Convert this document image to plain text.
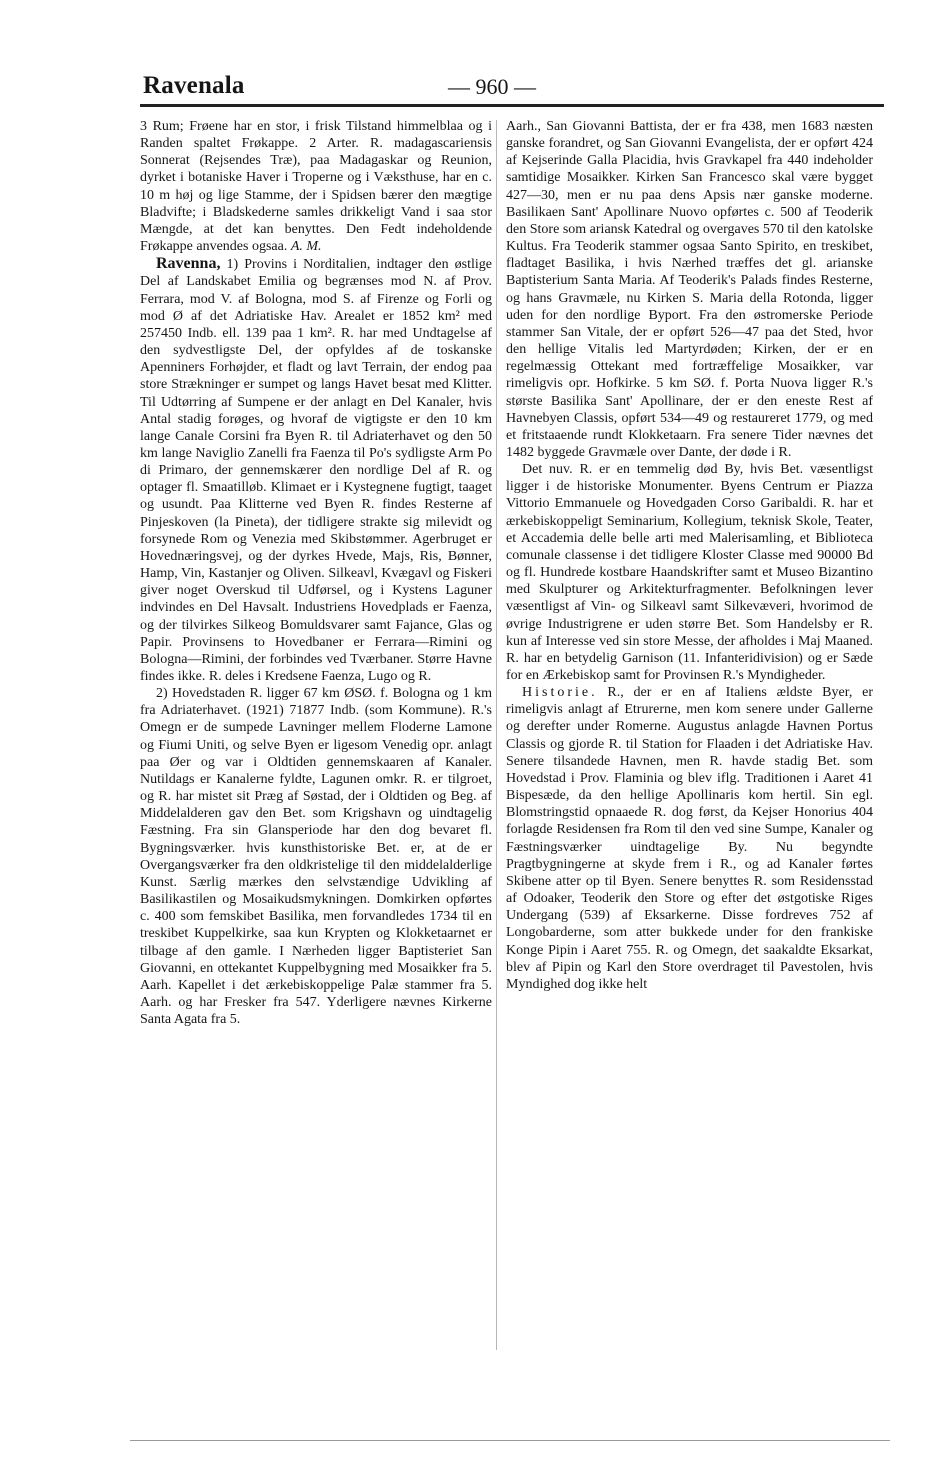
Ravenala	— 960 —

3 Rum; Frøene har en stor, i frisk Tilstand himmelblaa og i Randen spaltet Frøkappe. 2 Arter. R. madagascariensis Sonnerat (Rejsendes Træ), paa Madagaskar og Reunion, dyrket i botaniske Haver i Troperne og i Væksthuse, har en c. 10 m høj og lige Stamme, der i Spidsen bærer den mægtige Bladvifte; i Bladskederne samles drikkeligt Vand i saa stor Mængde, at det kan benyttes. Den Fedt indeholdende Frøkappe anvendes ogsaa. A. M.

Ravenna, 1) Provins i Norditalien, indtager den østlige Del af Landskabet Emilia og begrænses mod N. af Prov. Ferrara, mod V. af Bologna, mod S. af Firenze og Forli og mod Ø af det Adriatiske Hav. Arealet er 1852 km² med 257450 Indb. ell. 139 paa 1 km². R. har med Undtagelse af den sydvestligste Del, der opfyldes af de toskanske Apenniners Forhøjder, et fladt og lavt Terrain, der endog paa store Strækninger er sumpet og langs Havet besat med Klitter. Til Udtørring af Sumpene er der anlagt en Del Kanaler, hvis Antal stadig forøges, og hvoraf de vigtigste er den 10 km lange Canale Corsini fra Byen R. til Adriaterhavet og den 50 km lange Naviglio Zanelli fra Faenza til Po's sydligste Arm Po di Primaro, der gennemskærer den nordlige Del af R. og optager fl. Smaatilløb. Klimaet er i Kystegnene fugtigt, taaget og usundt. Paa Klitterne ved Byen R. findes Resterne af Pinjeskoven (la Pineta), der tidligere strakte sig milevidt og forsynede Rom og Venezia med Skibstømmer. Agerbruget er Hovednæringsvej, og der dyrkes Hvede, Majs, Ris, Bønner, Hamp, Vin, Kastanjer og Oliven. Silkeavl, Kvægavl og Fiskeri giver noget Overskud til Udførsel, og i Kystens Laguner indvindes en Del Havsalt. Industriens Hovedplads er Faenza, og der tilvirkes Silkeog Bomuldsvarer samt Fajance, Glas og Papir. Provinsens to Hovedbaner er Ferrara—Rimini og Bologna—Rimini, der forbindes ved Tværbaner. Større Havne findes ikke. R. deles i Kredsene Faenza, Lugo og R.

2) Hovedstaden R. ligger 67 km ØSØ. f. Bologna og 1 km fra Adriaterhavet. (1921) 71877 Indb. (som Kommune). R.'s Omegn er de sumpede Lavninger mellem Floderne Lamone og Fiumi Uniti, og selve Byen er ligesom Venedig opr. anlagt paa Øer og var i Oldtiden gennemskaaren af Kanaler. Nutildags er Kanalerne fyldte, Lagunen omkr. R. er tilgroet, og R. har mistet sit Præg af Søstad, der i Oldtiden og Beg. af Middelalderen gav den Bet. som Krigshavn og uindtagelig Fæstning. Fra sin Glansperiode har den dog bevaret fl. Bygningsværker. hvis kunsthistoriske Bet. er, at de er Overgangsværker fra den oldkristelige til den middelalderlige Kunst. Særlig mærkes den selvstændige Udvikling af Basilikastilen og Mosaikudsmykningen. Domkirken opførtes c. 400 som femskibet Basilika, men forvandledes 1734 til en treskibet Kuppelkirke, saa kun Krypten og Klokketaarnet er tilbage af den gamle. I Nærheden ligger Baptisteriet San Giovanni, en ottekantet Kuppelbygning med Mosaikker fra 5. Aarh. Kapellet i det ærkebiskoppelige Palæ stammer fra 5. Aarh. og har Fresker fra 547. Yderligere nævnes Kirkerne Santa Agata fra 5.

Aarh., San Giovanni Battista, der er fra 438, men 1683 næsten ganske forandret, og San Giovanni Evangelista, der er opført 424 af Kejserinde Galla Placidia, hvis Gravkapel fra 440 indeholder samtidige Mosaikker. Kirken San Francesco skal være bygget 427—30, men er nu paa dens Apsis nær ganske moderne. Basilikaen Sant' Apollinare Nuovo opførtes c. 500 af Teoderik den Store som ariansk Katedral og overgaves 570 til den katolske Kultus. Fra Teoderik stammer ogsaa Santo Spirito, en treskibet, fladtaget Basilika, i hvis Nærhed træffes det gl. arianske Baptisterium Santa Maria. Af Teoderik's Palads findes Resterne, og hans Gravmæle, nu Kirken S. Maria della Rotonda, ligger uden for den nordlige Byport. Fra den østromerske Periode stammer San Vitale, der er opført 526—47 paa det Sted, hvor den hellige Vitalis led Martyrdøden; Kirken, der er en regelmæssig Ottekant med fortræffelige Mosaikker, var rimeligvis opr. Hofkirke. 5 km SØ. f. Porta Nuova ligger R.'s største Basilika Sant' Apollinare, der er den eneste Rest af Havnebyen Classis, opført 534—49 og restaureret 1779, og med et fritstaaende rundt Klokketaarn. Fra senere Tider nævnes det 1482 byggede Gravmæle over Dante, der døde i R.

Det nuv. R. er en temmelig død By, hvis Bet. væsentligst ligger i de historiske Monumenter. Byens Centrum er Piazza Vittorio Emmanuele og Hovedgaden Corso Garibaldi. R. har et ærkebiskoppeligt Seminarium, Kollegium, teknisk Skole, Teater, et Accademia delle belle arti med Malerisamling, et Biblioteca comunale classense i det tidligere Kloster Classe med 90000 Bd og fl. Hundrede kostbare Haandskrifter samt et Museo Bizantino med Skulpturer og Arkitekturfragmenter. Befolkningen lever væsentligst af Vin- og Silkeavl samt Silkevæveri, hvorimod de øvrige Industrigrene er uden større Bet. Som Handelsby er R. kun af Interesse ved sin store Messe, der afholdes i Maj Maaned. R. har en betydelig Garnison (11. Infanteridivision) og er Sæde for en Ærkebiskop samt for Provinsen R.'s Myndigheder.

Historie. R., der er en af Italiens ældste Byer, er rimeligvis anlagt af Etrurerne, men kom senere under Gallerne og derefter under Romerne. Augustus anlagde Havnen Portus Classis og gjorde R. til Station for Flaaden i det Adriatiske Hav. Senere tilsandede Havnen, men R. havde stadig Bet. som Hovedstad i Prov. Flaminia og blev iflg. Traditionen i Aaret 41 Bispesæde, da den hellige Apollinaris kom hertil. Sin egl. Blomstringstid opnaaede R. dog først, da Kejser Honorius 404 forlagde Residensen fra Rom til den ved sine Sumpe, Kanaler og Fæstningsværker uindtagelige By. Nu begyndte Pragtbygningerne at skyde frem i R., og ad Kanaler førtes Skibene atter op til Byen. Senere benyttes R. som Residensstad af Odoaker, Teoderik den Store og efter det østgotiske Riges Undergang (539) af Eksarkerne. Disse fordreves 752 af Longobarderne, som atter bukkede under for den frankiske Konge Pipin i Aaret 755. R. og Omegn, det saakaldte Eksarkat, blev af Pipin og Karl den Store overdraget til Pavestolen, hvis Myndighed dog ikke helt
